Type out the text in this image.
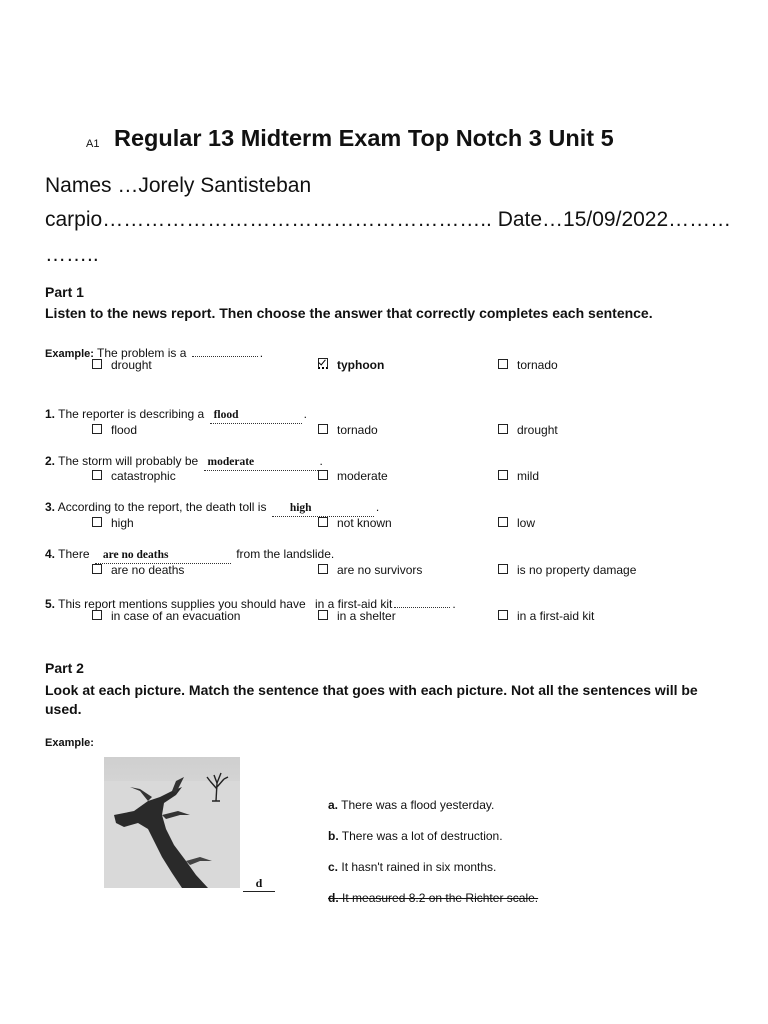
A1 Regular 13 Midterm Exam Top Notch 3 Unit 5
Names …Jorely Santisteban
carpio……………………………………………….. Date…15/09/2022………
……..
Part 1
Listen to the news report. Then choose the answer that correctly completes each sentence.
Example: The problem is a	.
drought	typhoon	tornado
1. The reporter is describing a flood	.
flood	tornado	drought
2. The storm will probably be moderate	.
catastrophic	moderate	mild
3. According to the report, the death toll is high	.
high	not known	low
4. There are no deaths	from the landslide.
are no deaths	are no survivors	is no property damage
5. This report mentions supplies you should have in a first-aid kit	.
in case of an evacuation	in a shelter	in a first-aid kit
Part 2
Look at each picture. Match the sentence that goes with each picture. Not all the sentences will be used.
Example:
d
a. There was a flood yesterday.
b. There was a lot of destruction.
c. It hasn't rained in six months.
d. It measured 8.2 on the Richter scale.
